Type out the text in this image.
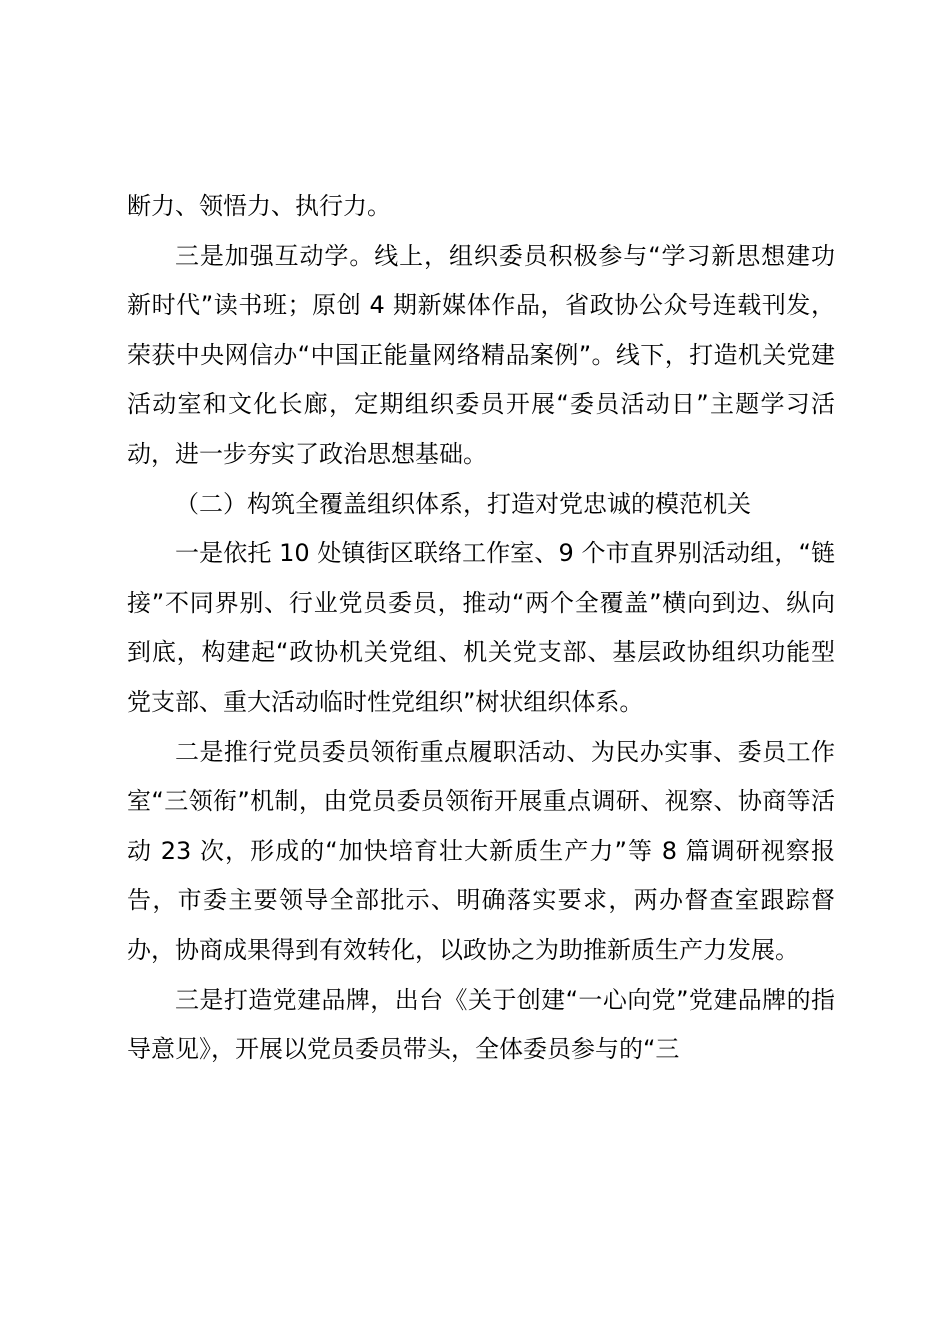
断力、领悟力、执行力。

三是加强互动学。线上，组织委员积极参与“学习新思想建功新时代”读书班；原创 4 期新媒体作品，省政协公众号连载刊发，荣获中央网信办“中国正能量网络精品案例”。线下，打造机关党建活动室和文化长廊，定期组织委员开展“委员活动日”主题学习活动，进一步夯实了政治思想基础。

（二）构筑全覆盖组织体系，打造对党忠诚的模范机关

一是依托 10 处镇街区联络工作室、9 个市直界别活动组，“链接”不同界别、行业党员委员，推动“两个全覆盖”横向到边、纵向到底，构建起“政协机关党组、机关党支部、基层政协组织功能型党支部、重大活动临时性党组织”树状组织体系。

二是推行党员委员领衔重点履职活动、为民办实事、委员工作室“三领衔”机制，由党员委员领衔开展重点调研、视察、协商等活动 23 次，形成的“加快培育壮大新质生产力”等 8 篇调研视察报告，市委主要领导全部批示、明确落实要求，两办督查室跟踪督办，协商成果得到有效转化，以政协之为助推新质生产力发展。

三是打造党建品牌，出台《关于创建“一心向党”党建品牌的指导意见》，开展以党员委员带头，全体委员参与的“三
